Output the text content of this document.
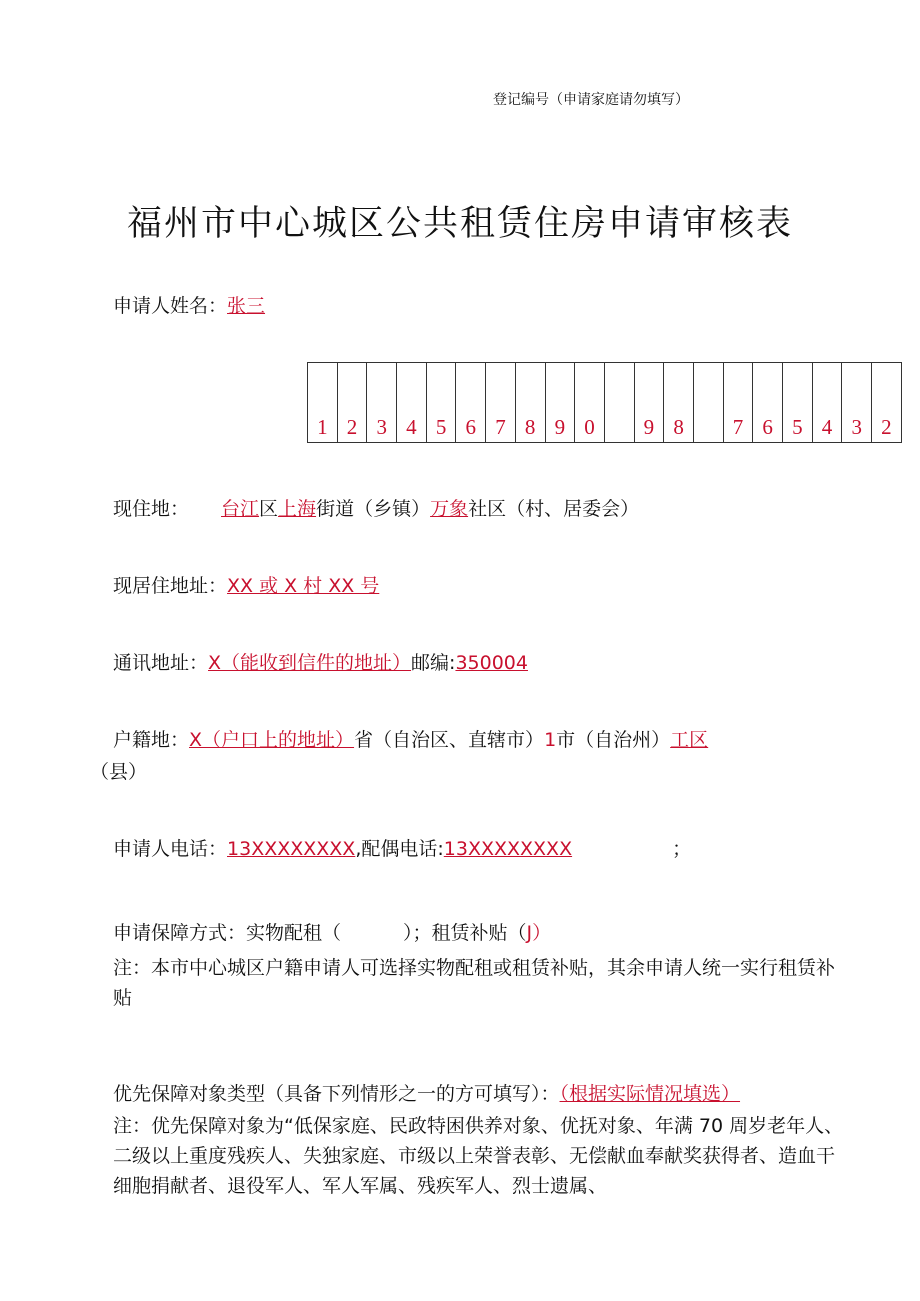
登记编号（申请家庭请勿填写）
福州市中心城区公共租赁住房申请审核表
申请人姓名：张三
1	2	3	4	5	6	7	8	9	0		9	8		7	6	5	4	3	2
现住地： 台江区上海街道（乡镇）万象社区（村、居委会）
现居住地址：XX 或 X 村 XX 号
通讯地址：X（能收到信件的地址）邮编:350004
户籍地：X（户口上的地址）省（自治区、直辖市）1市（自治州）工区
（县）
申请人电话：13XXXXXXXX,配偶电话:13XXXXXXXX	；
申请保障方式：实物配租（	）；租赁补贴（J）
注：本市中心城区户籍申请人可选择实物配租或租赁补贴，其余申请人统一实行租赁补贴
优先保障对象类型（具备下列情形之一的方可填写）：（根据实际情况填选）
注：优先保障对象为“低保家庭、民政特困供养对象、优抚对象、年满 70 周岁老年人、二级以上重度残疾人、失独家庭、市级以上荣誉表彰、无偿献血奉献奖获得者、造血干细胞捐献者、退役军人、军人军属、残疾军人、烈士遗属、
